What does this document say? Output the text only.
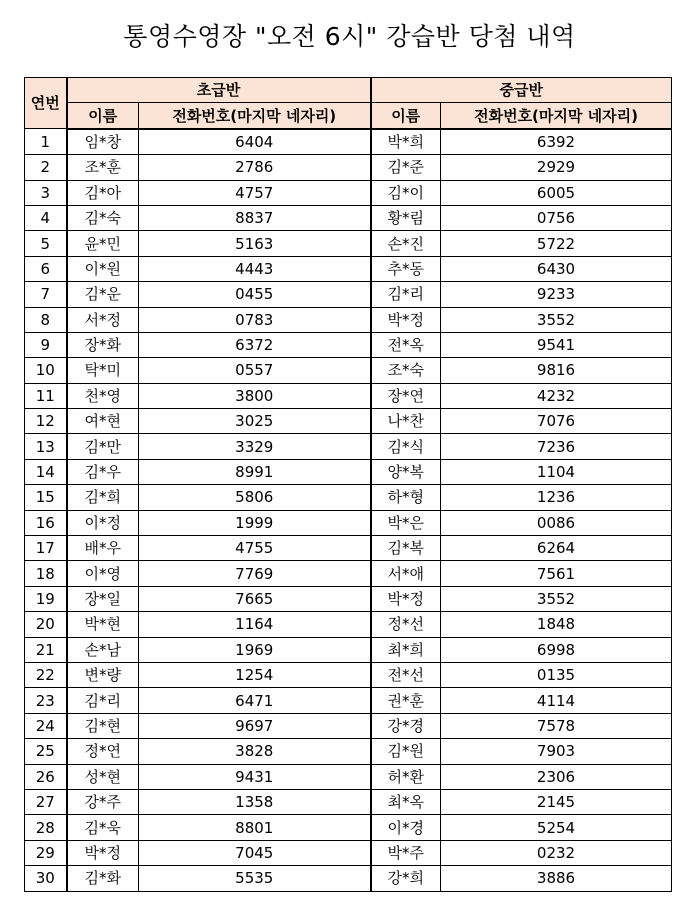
통영수영장 "오전 6시" 강습반 당첨 내역
연번	초급반		중급반	
	이름	전화번호(마지막 네자리)	이름	전화번호(마지막 네자리)
1	임*창	6404	박*희	6392
2	조*훈	2786	김*준	2929
3	김*아	4757	김*이	6005
4	김*숙	8837	황*림	0756
5	윤*민	5163	손*진	5722
6	이*원	4443	추*동	6430
7	김*운	0455	김*리	9233
8	서*정	0783	박*정	3552
9	장*화	6372	전*옥	9541
10	탁*미	0557	조*숙	9816
11	천*영	3800	장*연	4232
12	여*현	3025	나*찬	7076
13	김*만	3329	김*식	7236
14	김*우	8991	양*복	1104
15	김*희	5806	하*형	1236
16	이*정	1999	박*은	0086
17	배*우	4755	김*복	6264
18	이*영	7769	서*애	7561
19	장*일	7665	박*정	3552
20	박*현	1164	정*선	1848
21	손*남	1969	최*희	6998
22	변*량	1254	전*선	0135
23	김*리	6471	권*훈	4114
24	김*현	9697	강*경	7578
25	정*연	3828	김*원	7903
26	성*현	9431	허*환	2306
27	강*주	1358	최*옥	2145
28	김*욱	8801	이*경	5254
29	박*정	7045	박*주	0232
30	김*화	5535	강*희	3886
